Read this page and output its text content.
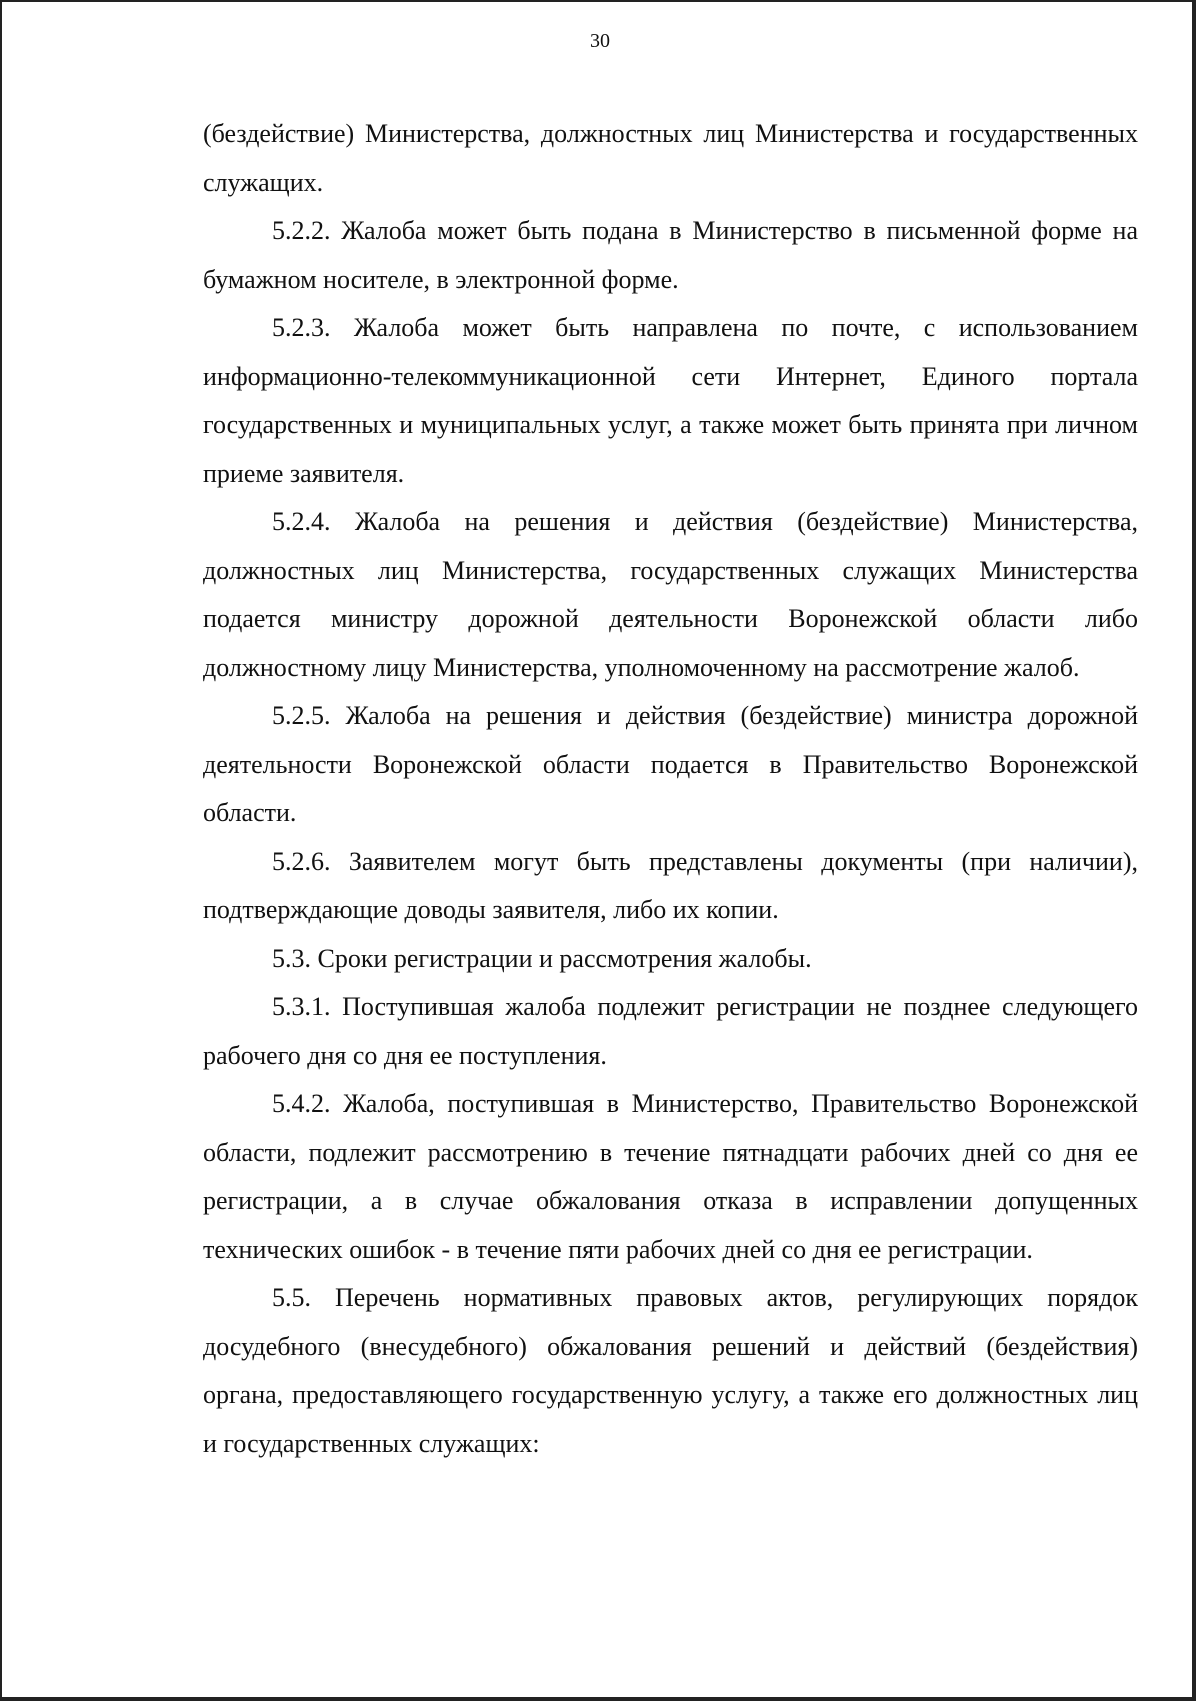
30

(бездействие) Министерства, должностных лиц Министерства и государственных служащих.

5.2.2. Жалоба может быть подана в Министерство в письменной форме на бумажном носителе, в электронной форме.

5.2.3. Жалоба может быть направлена по почте, с использованием информационно-телекоммуникационной сети Интернет, Единого портала государственных и муниципальных услуг, а также может быть принята при личном приеме заявителя.

5.2.4. Жалоба на решения и действия (бездействие) Министерства, должностных лиц Министерства, государственных служащих Министерства подается министру дорожной деятельности Воронежской области либо должностному лицу Министерства, уполномоченному на рассмотрение жалоб.

5.2.5. Жалоба на решения и действия (бездействие) министра дорожной деятельности Воронежской области подается в Правительство Воронежской области.

5.2.6. Заявителем могут быть представлены документы (при наличии), подтверждающие доводы заявителя, либо их копии.

5.3. Сроки регистрации и рассмотрения жалобы.

5.3.1. Поступившая жалоба подлежит регистрации не позднее следующего рабочего дня со дня ее поступления.

5.4.2. Жалоба, поступившая в Министерство, Правительство Воронежской области, подлежит рассмотрению в течение пятнадцати рабочих дней со дня ее регистрации, а в случае обжалования отказа в исправлении допущенных технических ошибок - в течение пяти рабочих дней со дня ее регистрации.

5.5. Перечень нормативных правовых актов, регулирующих порядок досудебного (внесудебного) обжалования решений и действий (бездействия) органа, предоставляющего государственную услугу, а также его должностных лиц и государственных служащих:
